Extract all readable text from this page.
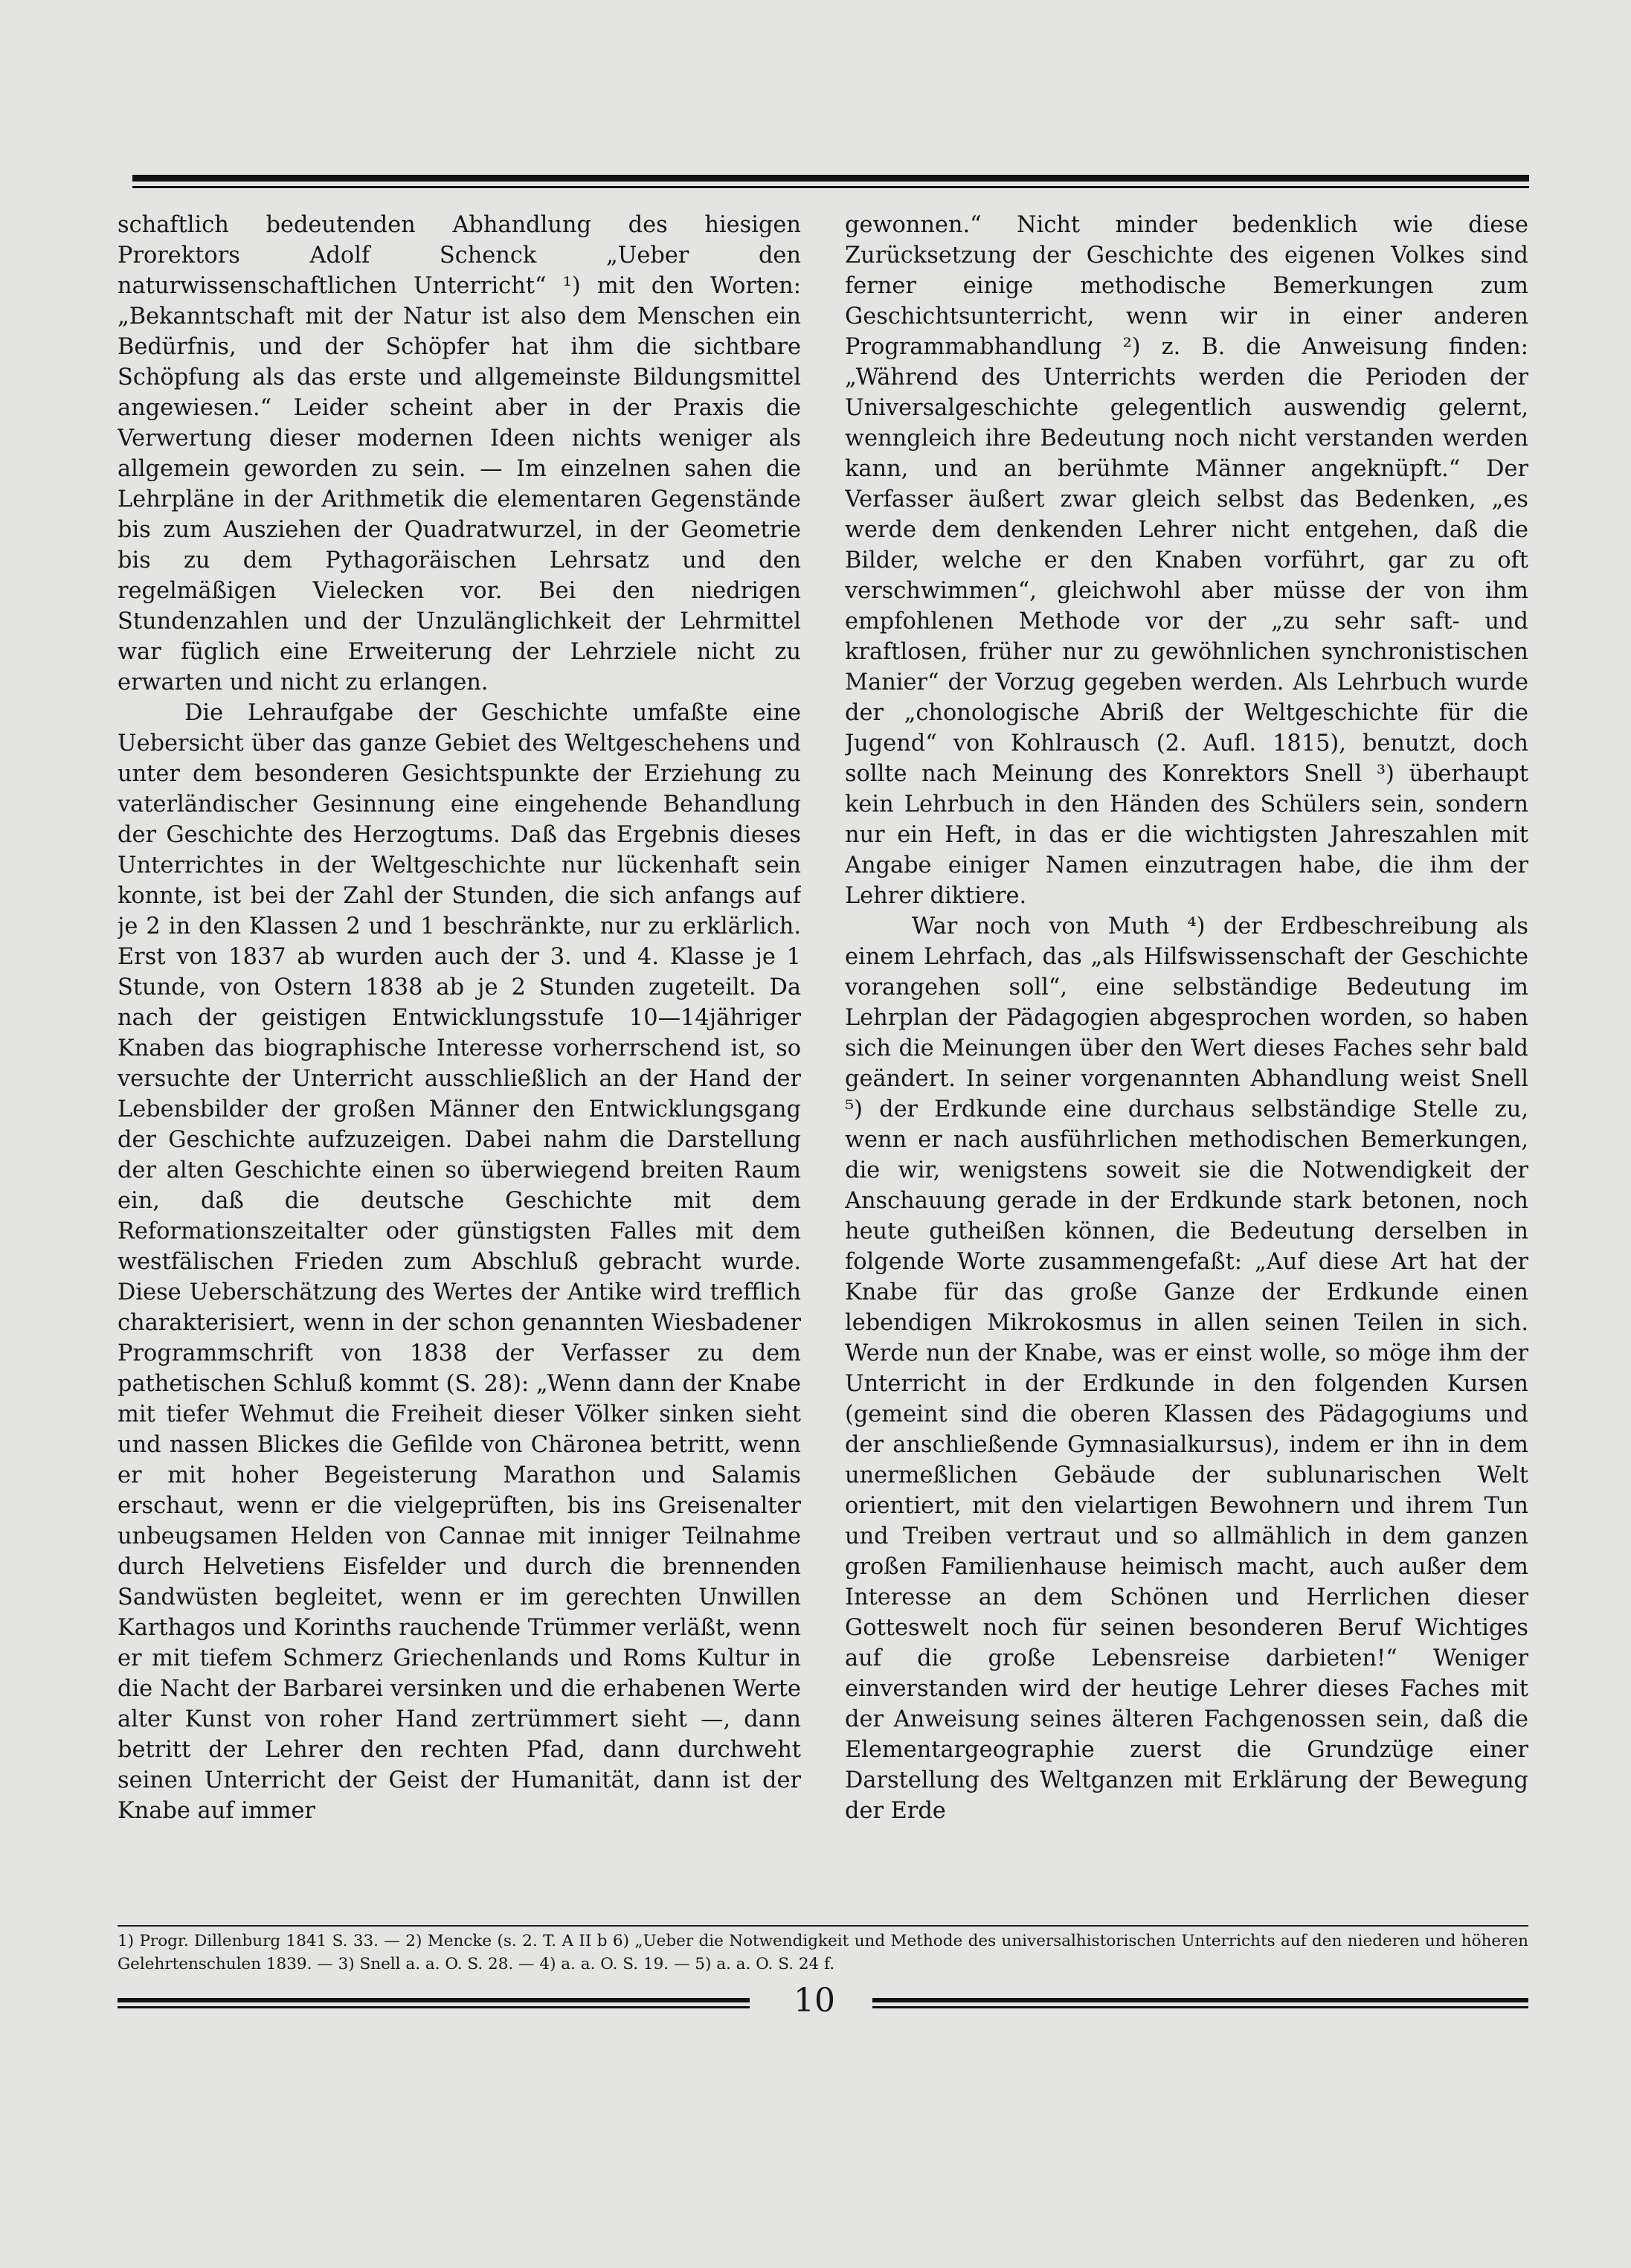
schaftlich bedeutenden Abhandlung des hiesigen Prorektors Adolf Schenck „Ueber den naturwissenschaftlichen Unterricht“ ¹) mit den Worten: „Bekanntschaft mit der Natur ist also dem Menschen ein Bedürfnis, und der Schöpfer hat ihm die sichtbare Schöpfung als das erste und allgemeinste Bildungsmittel angewiesen.“ Leider scheint aber in der Praxis die Verwertung dieser modernen Ideen nichts weniger als allgemein geworden zu sein. — Im einzelnen sahen die Lehrpläne in der Arithmetik die elementaren Gegenstände bis zum Ausziehen der Quadratwurzel, in der Geometrie bis zu dem Pythagoräischen Lehrsatz und den regelmäßigen Vielecken vor. Bei den niedrigen Stundenzahlen und der Unzulänglichkeit der Lehrmittel war füglich eine Erweiterung der Lehrziele nicht zu erwarten und nicht zu erlangen.

Die Lehraufgabe der Geschichte umfaßte eine Uebersicht über das ganze Gebiet des Weltgeschehens und unter dem besonderen Gesichtspunkte der Erziehung zu vaterländischer Gesinnung eine eingehende Behandlung der Geschichte des Herzogtums. Daß das Ergebnis dieses Unterrichtes in der Weltgeschichte nur lückenhaft sein konnte, ist bei der Zahl der Stunden, die sich anfangs auf je 2 in den Klassen 2 und 1 beschränkte, nur zu erklärlich. Erst von 1837 ab wurden auch der 3. und 4. Klasse je 1 Stunde, von Ostern 1838 ab je 2 Stunden zugeteilt. Da nach der geistigen Entwicklungsstufe 10—14jähriger Knaben das biographische Interesse vorherrschend ist, so versuchte der Unterricht ausschließlich an der Hand der Lebensbilder der großen Männer den Entwicklungsgang der Geschichte aufzuzeigen. Dabei nahm die Darstellung der alten Geschichte einen so überwiegend breiten Raum ein, daß die deutsche Geschichte mit dem Reformationszeitalter oder günstigsten Falles mit dem westfälischen Frieden zum Abschluß gebracht wurde. Diese Ueberschätzung des Wertes der Antike wird trefflich charakterisiert, wenn in der schon genannten Wiesbadener Programmschrift von 1838 der Verfasser zu dem pathetischen Schluß kommt (S. 28): „Wenn dann der Knabe mit tiefer Wehmut die Freiheit dieser Völker sinken sieht und nassen Blickes die Gefilde von Chäronea betritt, wenn er mit hoher Begeisterung Marathon und Salamis erschaut, wenn er die vielgeprüften, bis ins Greisenalter unbeugsamen Helden von Cannae mit inniger Teilnahme durch Helvetiens Eisfelder und durch die brennenden Sandwüsten begleitet, wenn er im gerechten Unwillen Karthagos und Korinths rauchende Trümmer verläßt, wenn er mit tiefem Schmerz Griechenlands und Roms Kultur in die Nacht der Barbarei versinken und die erhabenen Werte alter Kunst von roher Hand zertrümmert sieht —, dann betritt der Lehrer den rechten Pfad, dann durchweht seinen Unterricht der Geist der Humanität, dann ist der Knabe auf immer

gewonnen.“ Nicht minder bedenklich wie diese Zurücksetzung der Geschichte des eigenen Volkes sind ferner einige methodische Bemerkungen zum Geschichtsunterricht, wenn wir in einer anderen Programmabhandlung ²) z. B. die Anweisung finden: „Während des Unterrichts werden die Perioden der Universalgeschichte gelegentlich auswendig gelernt, wenngleich ihre Bedeutung noch nicht verstanden werden kann, und an berühmte Männer angeknüpft.“ Der Verfasser äußert zwar gleich selbst das Bedenken, „es werde dem denkenden Lehrer nicht entgehen, daß die Bilder, welche er den Knaben vorführt, gar zu oft verschwimmen“, gleichwohl aber müsse der von ihm empfohlenen Methode vor der „zu sehr saft- und kraftlosen, früher nur zu gewöhnlichen synchronistischen Manier“ der Vorzug gegeben werden. Als Lehrbuch wurde der „chonologische Abriß der Weltgeschichte für die Jugend“ von Kohlrausch (2. Aufl. 1815), benutzt, doch sollte nach Meinung des Konrektors Snell ³) überhaupt kein Lehrbuch in den Händen des Schülers sein, sondern nur ein Heft, in das er die wichtigsten Jahreszahlen mit Angabe einiger Namen einzutragen habe, die ihm der Lehrer diktiere.

War noch von Muth ⁴) der Erdbeschreibung als einem Lehrfach, das „als Hilfswissenschaft der Geschichte vorangehen soll“, eine selbständige Bedeutung im Lehrplan der Pädagogien abgesprochen worden, so haben sich die Meinungen über den Wert dieses Faches sehr bald geändert. In seiner vorgenannten Abhandlung weist Snell ⁵) der Erdkunde eine durchaus selbständige Stelle zu, wenn er nach ausführlichen methodischen Bemerkungen, die wir, wenigstens soweit sie die Notwendigkeit der Anschauung gerade in der Erdkunde stark betonen, noch heute gutheißen können, die Bedeutung derselben in folgende Worte zusammengefaßt: „Auf diese Art hat der Knabe für das große Ganze der Erdkunde einen lebendigen Mikrokosmus in allen seinen Teilen in sich. Werde nun der Knabe, was er einst wolle, so möge ihm der Unterricht in der Erdkunde in den folgenden Kursen (gemeint sind die oberen Klassen des Pädagogiums und der anschließende Gymnasialkursus), indem er ihn in dem unermeßlichen Gebäude der sublunarischen Welt orientiert, mit den vielartigen Bewohnern und ihrem Tun und Treiben vertraut und so allmählich in dem ganzen großen Familienhause heimisch macht, auch außer dem Interesse an dem Schönen und Herrlichen dieser Gotteswelt noch für seinen besonderen Beruf Wichtiges auf die große Lebensreise darbieten!“ Weniger einverstanden wird der heutige Lehrer dieses Faches mit der Anweisung seines älteren Fachgenossen sein, daß die Elementargeographie zuerst die Grundzüge einer Darstellung des Weltganzen mit Erklärung der Bewegung der Erde

1) Progr. Dillenburg 1841 S. 33. — 2) Mencke (s. 2. T. A II b 6) „Ueber die Notwendigkeit und Methode des universalhistorischen Unterrichts auf den niederen und höheren Gelehrtenschulen 1839. — 3) Snell a. a. O. S. 28. — 4) a. a. O. S. 19. — 5) a. a. O. S. 24 f.
10
